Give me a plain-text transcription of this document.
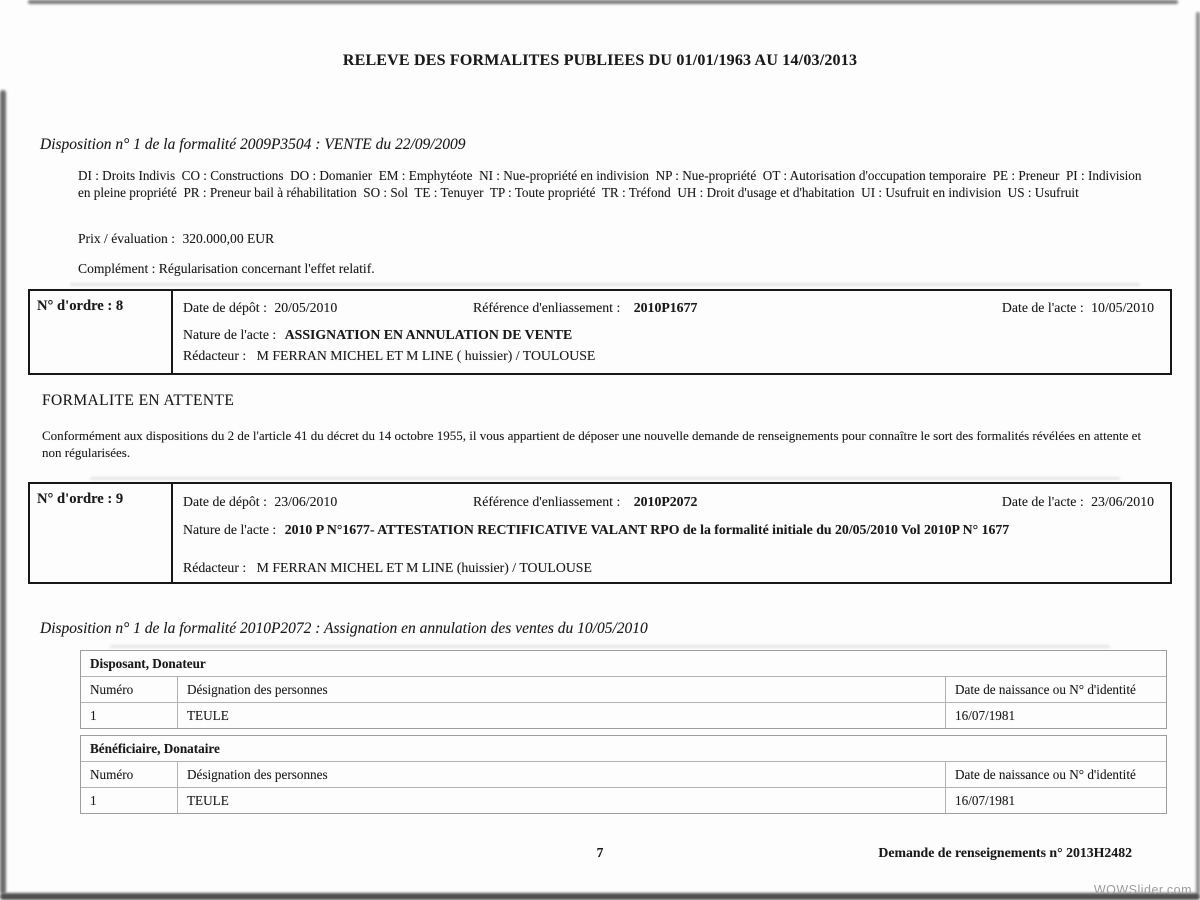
RELEVE DES FORMALITES PUBLIEES DU 01/01/1963 AU 14/03/2013
Disposition n° 1 de la formalité 2009P3504 : VENTE du 22/09/2009
DI : Droits Indivis  CO : Constructions  DO : Domanier  EM : Emphytéote  NI : Nue-propriété en indivision  NP : Nue-propriété  OT : Autorisation d'occupation temporaire  PE : Preneur  PI : Indivision en pleine propriété  PR : Preneur bail à réhabilitation  SO : Sol  TE : Tenuyer  TP : Toute propriété  TR : Tréfond  UH : Droit d'usage et d'habitation  UI : Usufruit en indivision  US : Usufruit
Prix / évaluation : 320.000,00 EUR
Complément : Régularisation concernant l'effet relatif.
N° d'ordre : 8	Date de dépôt : 20/05/2010	Référence d'enliassement : 2010P1677	Date de l'acte : 10/05/2010
Nature de l'acte : ASSIGNATION EN ANNULATION DE VENTE
Rédacteur : M FERRAN MICHEL ET M LINE ( huissier) / TOULOUSE
FORMALITE EN ATTENTE
Conformément aux dispositions du 2 de l'article 41 du décret du 14 octobre 1955, il vous appartient de déposer une nouvelle demande de renseignements pour connaître le sort des formalités révélées en attente et non régularisées.
N° d'ordre : 9	Date de dépôt : 23/06/2010	Référence d'enliassement : 2010P2072	Date de l'acte : 23/06/2010
Nature de l'acte : 2010 P N°1677- ATTESTATION RECTIFICATIVE VALANT RPO de la formalité initiale du 20/05/2010 Vol 2010P N° 1677
Rédacteur : M FERRAN MICHEL ET M LINE (huissier) / TOULOUSE
Disposition n° 1 de la formalité 2010P2072 : Assignation en annulation des ventes du 10/05/2010
Disposant, Donateur
Numéro	Désignation des personnes	Date de naissance ou N° d'identité
1	TEULE	16/07/1981
Bénéficiaire, Donataire
Numéro	Désignation des personnes	Date de naissance ou N° d'identité
1	TEULE	16/07/1981
7	Demande de renseignements n° 2013H2482
WOWSlider.com
